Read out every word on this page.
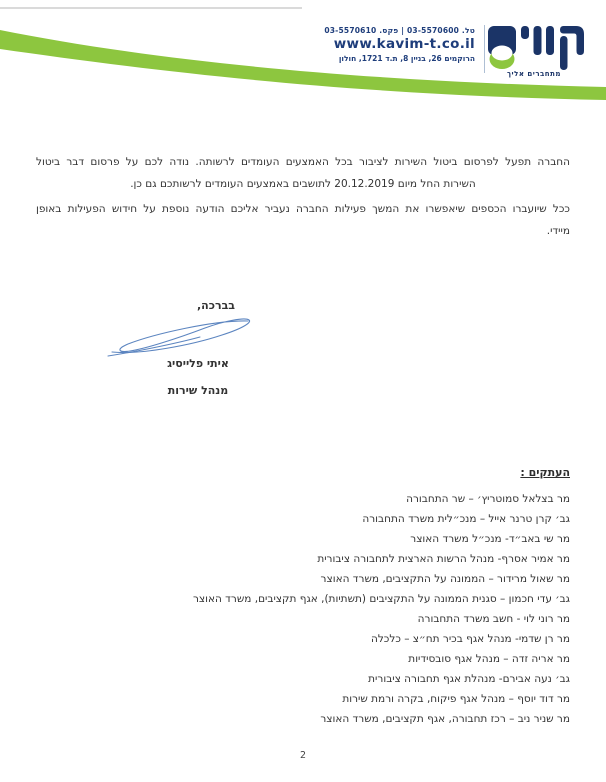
מתחברים אליך
טל. 03-5570600 | פקס. 03-5570610
www.kavim-t.co.il
הרוקמים 26, בניין 8, ת.ד 1721, חולון
החברה תפעל לפרסום ביטול השירות לציבור בכל האמצעים העומדים לרשותה. נודה לכם על פרסום דבר ביטול
השירות החל מיום 20.12.2019 לתושבים באמצעים העומדים לרשותכם גם כן.
ככל שיועברו הכספים שיאפשרו את המשך פעילות החברה נעביר אליכם הודעה נוספת על חידוש הפעילות באופן
מיידי.
בברכה,
איתי פלייסיג
מנהל שירות
העתקים :
מר בצלאל סמוטריץ׳ – שר התחבורה
גב׳ קרן טרנר אייל – מנכ״לית משרד התחבורה
מר שי באב״ד- מנכ״ל משרד האוצר
מר אמיר אסרף- מנהל הרשות הארצית לתחבורה ציבורית
מר שאול מרידור – הממונה על התקציבים, משרד האוצר
גב׳ עדי חכמון – סגנית הממונה על התקציבים (תשתיות), אגף תקציבים, משרד האוצר
מר רוני לוי - חשב משרד התחבורה
מר רן שדמי- מנהל אגף בכיר תח״צ – כלכלה
מר אריה זדה – מנהל אגף סובסידיות
גב׳ נעה אבירם- מנהלת אגף תחבורה ציבורית
מר דוד יוסף – מנהל אגף פיקוח, בקרה ורמת שירות
מר שניר ניב – רכז תחבורה, אגף תקציבים, משרד האוצר
2
